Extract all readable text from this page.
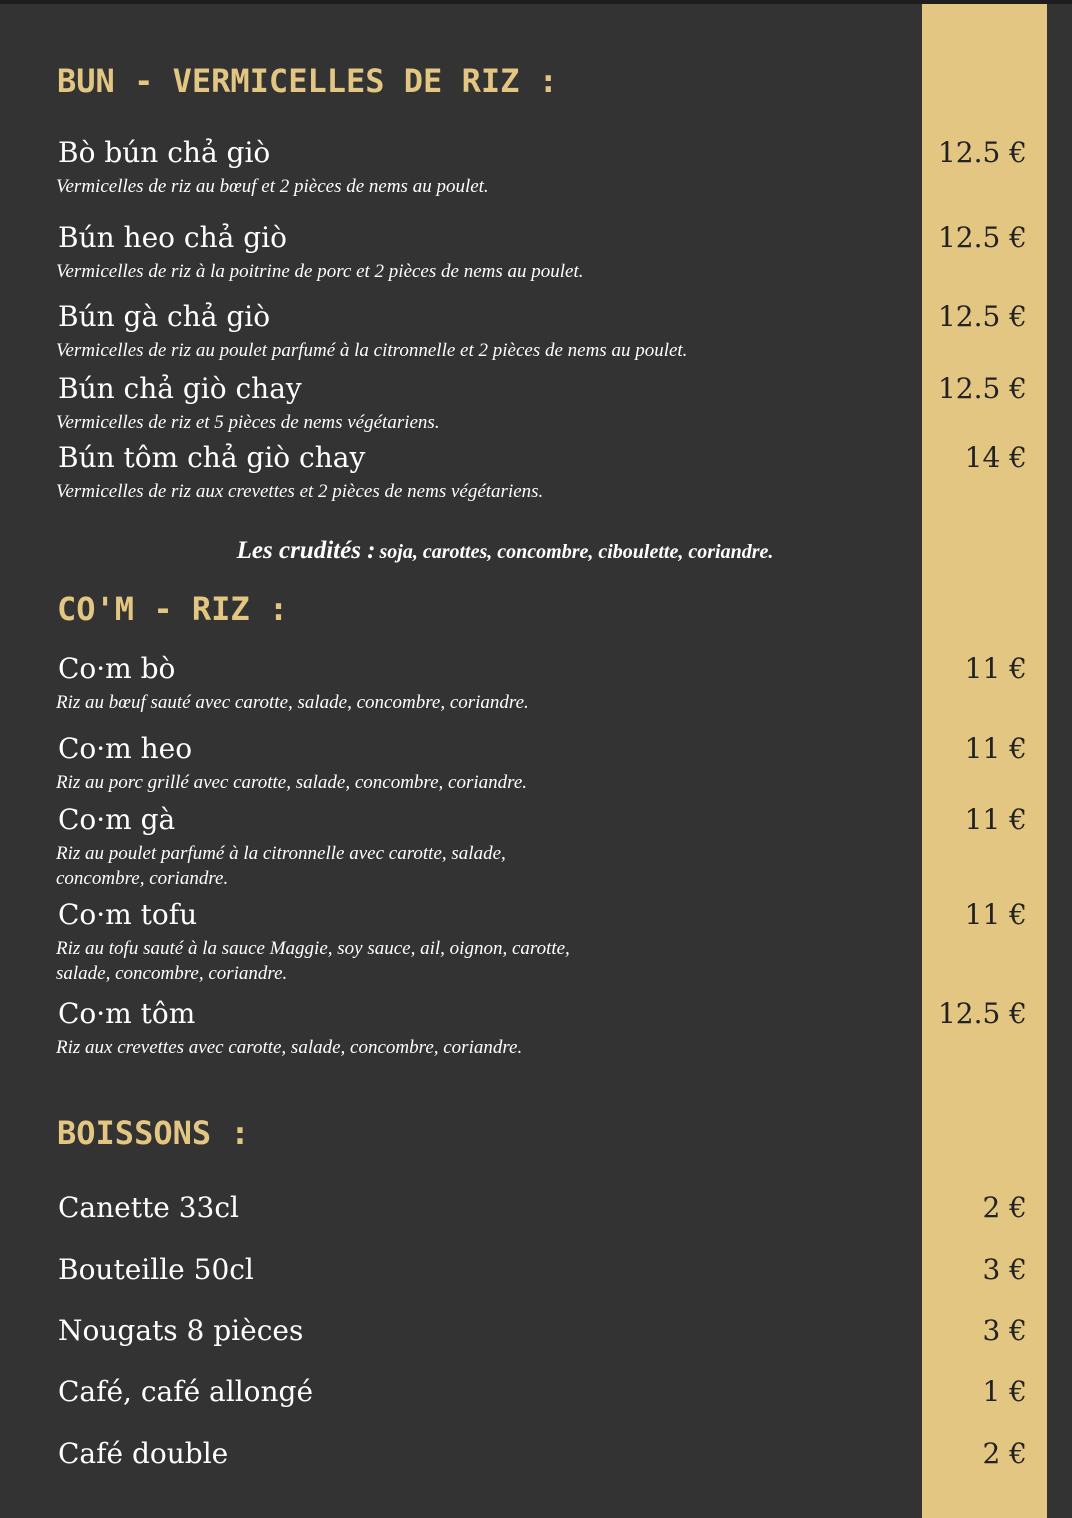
BUN - VERMICELLES DE RIZ :
Bò bún chả giò	12.5 €
Vermicelles de riz au bœuf et 2 pièces de nems au poulet.
Bún heo chả giò	12.5 €
Vermicelles de riz à la poitrine de porc et 2 pièces de nems au poulet.
Bún gà chả giò	12.5 €
Vermicelles de riz au poulet parfumé à la citronnelle et 2 pièces de nems au poulet.
Bún chả giò chay	12.5 €
Vermicelles de riz et 5 pièces de nems végétariens.
Bún tôm chả giò chay	14 €
Vermicelles de riz aux crevettes et 2 pièces de nems végétariens.
Les crudités : soja, carottes, concombre, ciboulette, coriandre.
CO'M - RIZ :
Co·m bò	11 €
Riz au bœuf sauté avec carotte, salade, concombre, coriandre.
Co·m heo	11 €
Riz au porc grillé avec carotte, salade, concombre, coriandre.
Co·m gà	11 €
Riz au poulet parfumé à la citronnelle avec carotte, salade, concombre, coriandre.
Co·m tofu	11 €
Riz au tofu sauté à la sauce Maggie, soy sauce, ail, oignon, carotte, salade, concombre, coriandre.
Co·m tôm	12.5 €
Riz aux crevettes avec carotte, salade, concombre, coriandre.
BOISSONS :
Canette 33cl	2 €
Bouteille 50cl	3 €
Nougats 8 pièces	3 €
Café, café allongé	1 €
Café double	2 €
